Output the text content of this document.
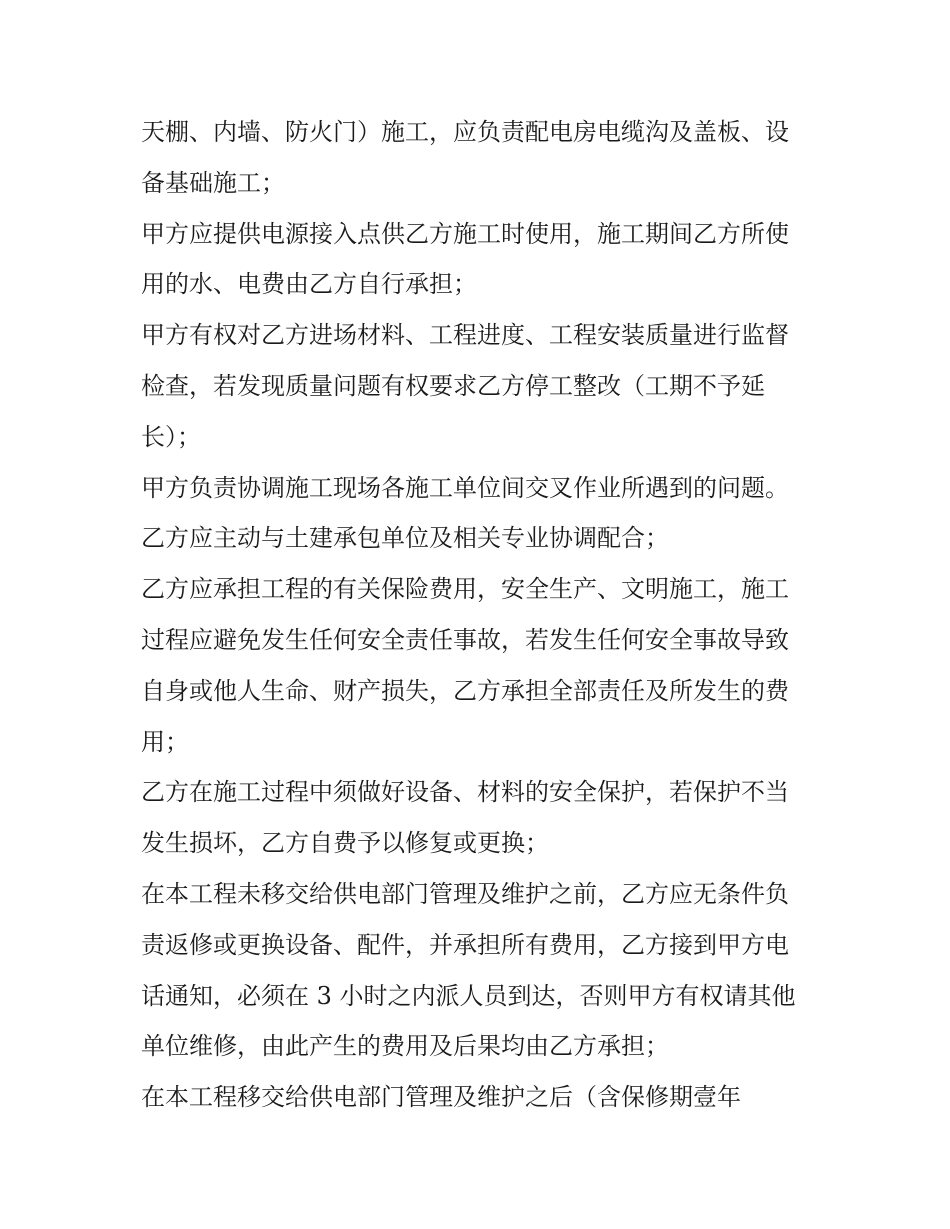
天棚、内墙、防火门）施工，应负责配电房电缆沟及盖板、设
备基础施工；
甲方应提供电源接入点供乙方施工时使用，施工期间乙方所使
用的水、电费由乙方自行承担；
甲方有权对乙方进场材料、工程进度、工程安装质量进行监督
检查，若发现质量问题有权要求乙方停工整改（工期不予延
长）；
甲方负责协调施工现场各施工单位间交叉作业所遇到的问题。
乙方应主动与土建承包单位及相关专业协调配合；
乙方应承担工程的有关保险费用，安全生产、文明施工，施工
过程应避免发生任何安全责任事故，若发生任何安全事故导致
自身或他人生命、财产损失，乙方承担全部责任及所发生的费
用；
乙方在施工过程中须做好设备、材料的安全保护，若保护不当
发生损坏，乙方自费予以修复或更换；
在本工程未移交给供电部门管理及维护之前，乙方应无条件负
责返修或更换设备、配件，并承担所有费用，乙方接到甲方电
话通知，必须在 3 小时之内派人员到达，否则甲方有权请其他
单位维修，由此产生的费用及后果均由乙方承担；
在本工程移交给供电部门管理及维护之后（含保修期壹年
